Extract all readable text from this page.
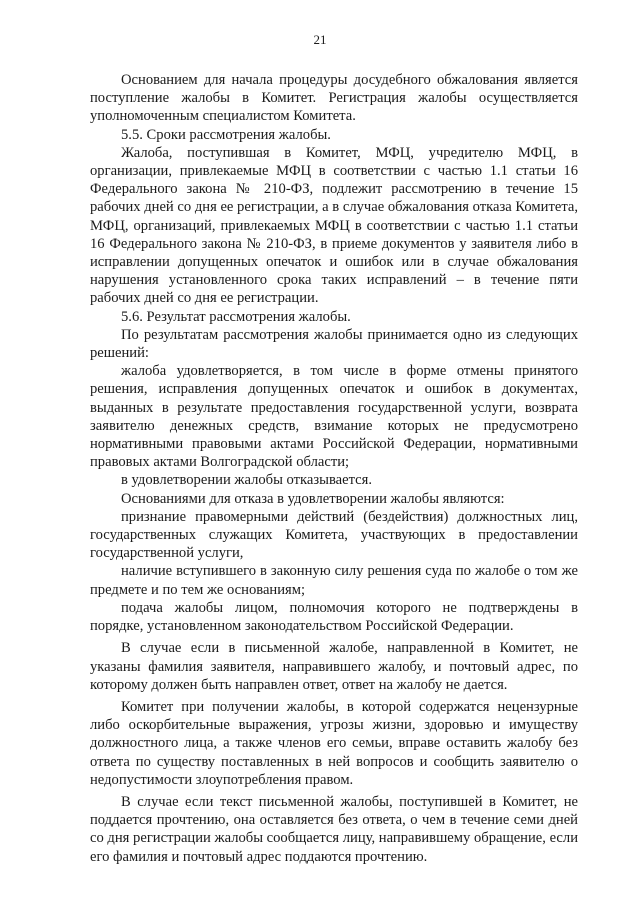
21

Основанием для начала процедуры досудебного обжалования является поступление жалобы в Комитет. Регистрация жалобы осуществляется уполномоченным специалистом Комитета.

5.5. Сроки рассмотрения жалобы.

Жалоба, поступившая в Комитет, МФЦ, учредителю МФЦ, в организации, привлекаемые МФЦ в соответствии с частью 1.1 статьи 16 Федерального закона № 210-ФЗ, подлежит рассмотрению в течение 15 рабочих дней со дня ее регистрации, а в случае обжалования отказа Комитета, МФЦ, организаций, привлекаемых МФЦ в соответствии с частью 1.1 статьи 16 Федерального закона № 210-ФЗ, в приеме документов у заявителя либо в исправлении допущенных опечаток и ошибок или в случае обжалования нарушения установленного срока таких исправлений – в течение пяти рабочих дней со дня ее регистрации.

5.6. Результат рассмотрения жалобы.

По результатам рассмотрения жалобы принимается одно из следующих решений:

жалоба удовлетворяется, в том числе в форме отмены принятого решения, исправления допущенных опечаток и ошибок в документах, выданных в результате предоставления государственной услуги, возврата заявителю денежных средств, взимание которых не предусмотрено нормативными правовыми актами Российской Федерации, нормативными правовых актами Волгоградской области;

в удовлетворении жалобы отказывается.

Основаниями для отказа в удовлетворении жалобы являются:

признание правомерными действий (бездействия) должностных лиц, государственных служащих Комитета, участвующих в предоставлении государственной услуги,

наличие вступившего в законную силу решения суда по жалобе о том же предмете и по тем же основаниям;

подача жалобы лицом, полномочия которого не подтверждены в порядке, установленном законодательством Российской Федерации.

В случае если в письменной жалобе, направленной в Комитет, не указаны фамилия заявителя, направившего жалобу, и почтовый адрес, по которому должен быть направлен ответ, ответ на жалобу не дается.

Комитет при получении жалобы, в которой содержатся нецензурные либо оскорбительные выражения, угрозы жизни, здоровью и имуществу должностного лица, а также членов его семьи, вправе оставить жалобу без ответа по существу поставленных в ней вопросов и сообщить заявителю о недопустимости злоупотребления правом.

В случае если текст письменной жалобы, поступившей в Комитет, не поддается прочтению, она оставляется без ответа, о чем в течение семи дней со дня регистрации жалобы сообщается лицу, направившему обращение, если его фамилия и почтовый адрес поддаются прочтению.
